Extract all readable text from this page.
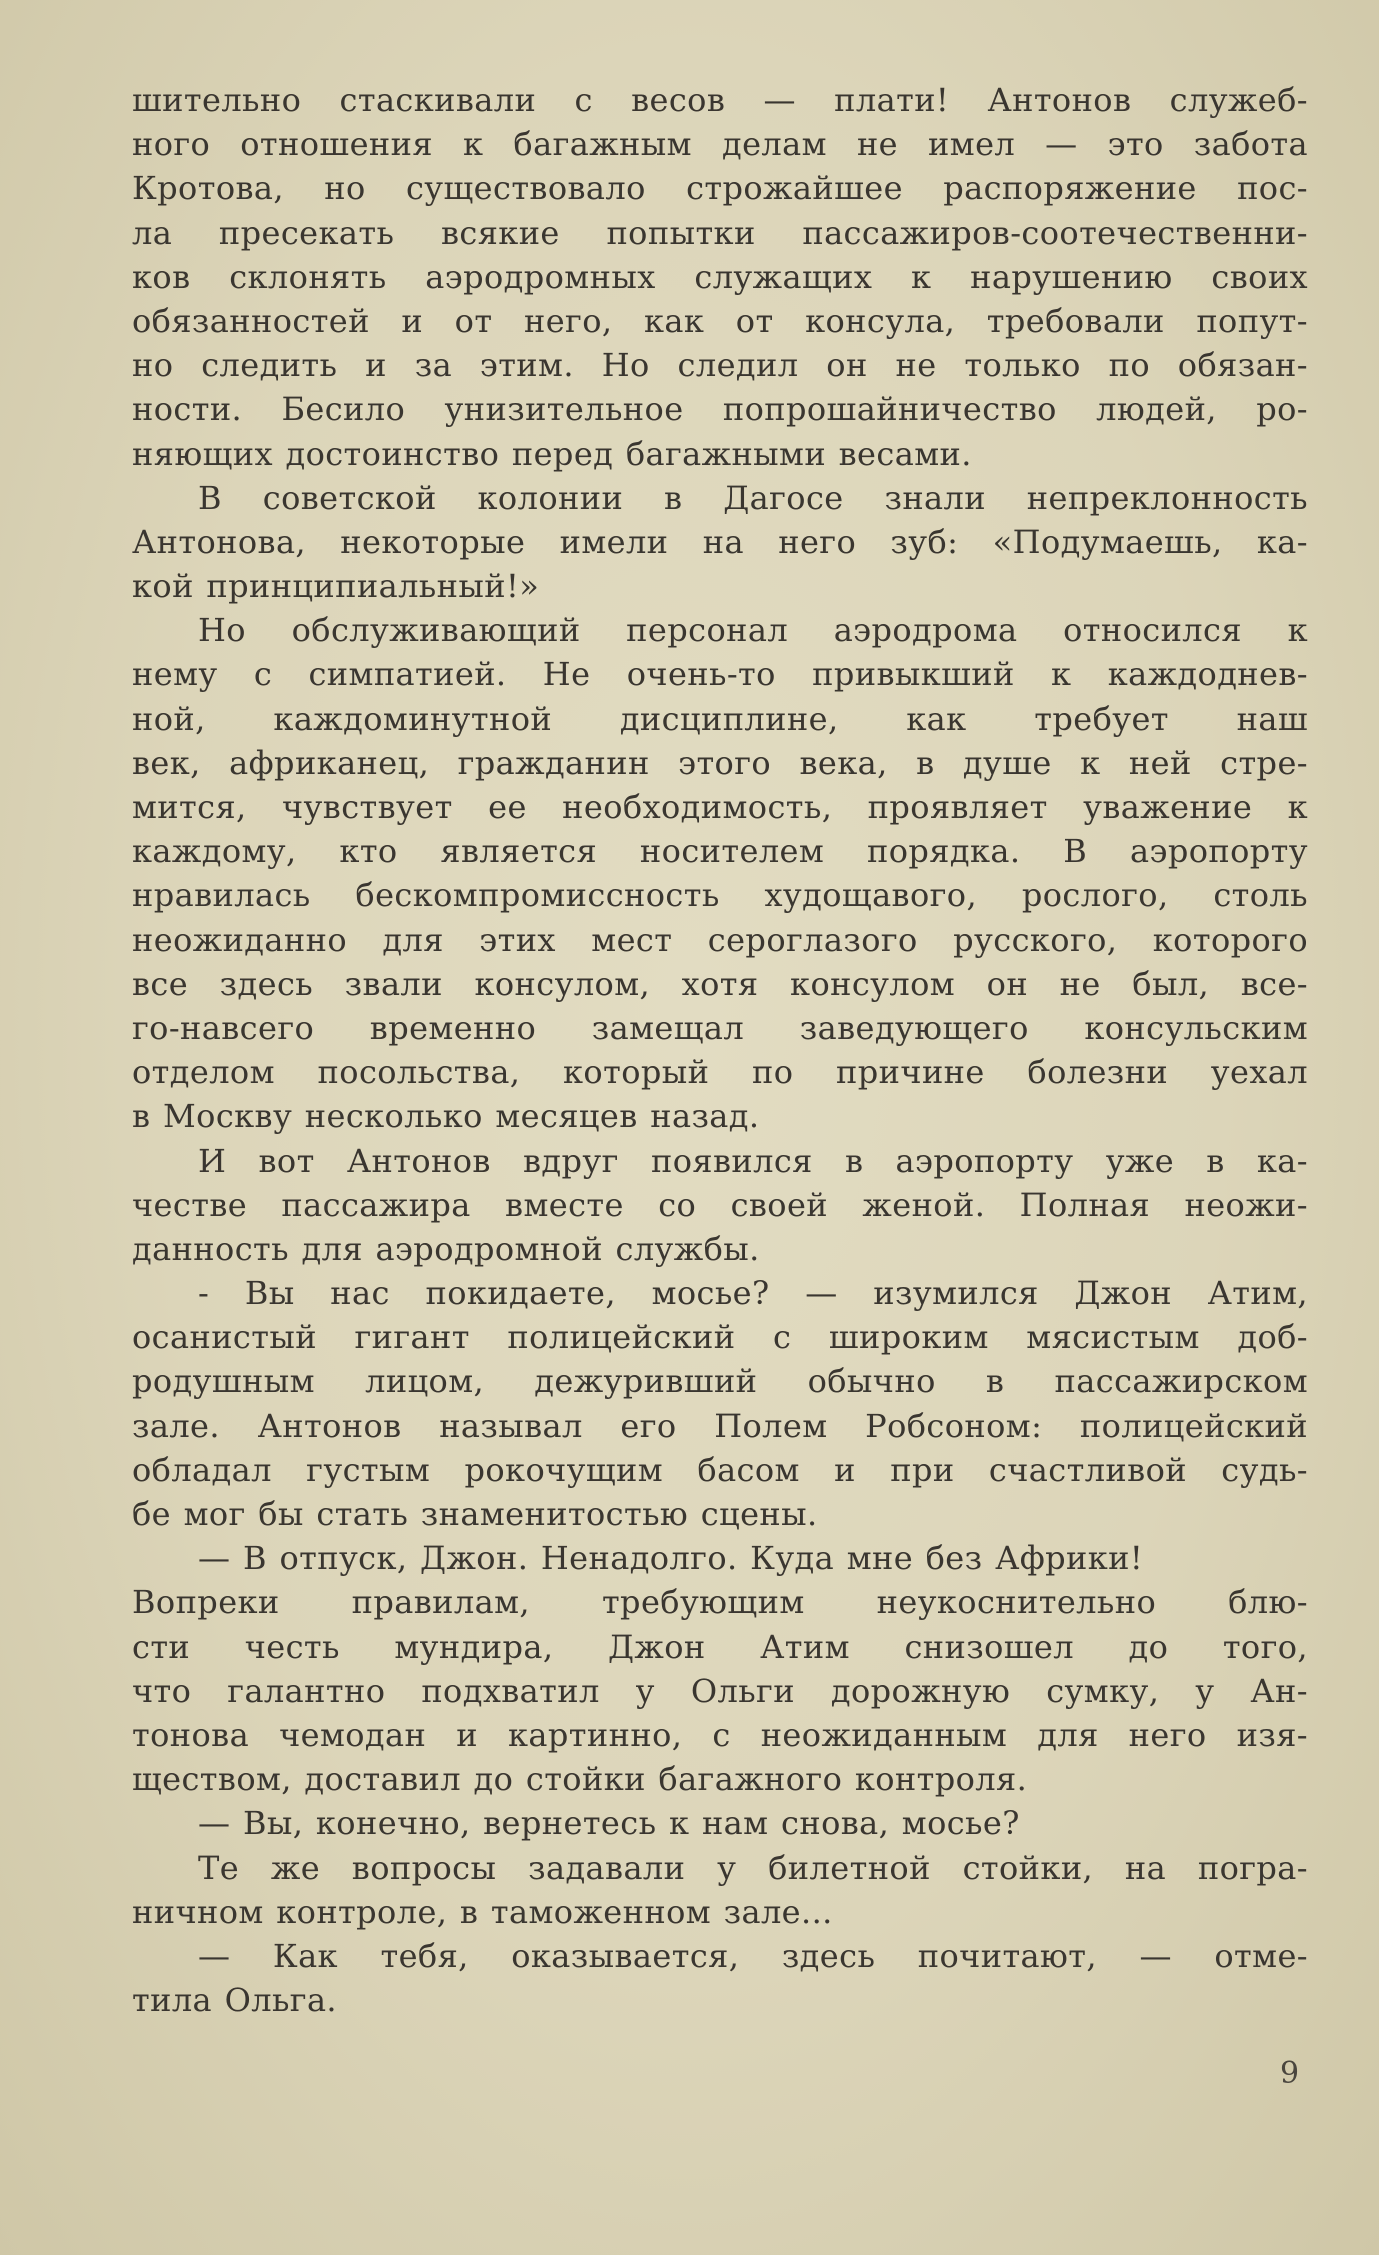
шительно стаскивали с весов — плати! Антонов служеб-
ного отношения к багажным делам не имел — это забота
Кротова, но существовало строжайшее распоряжение пос-
ла пресекать всякие попытки пассажиров-соотечественни-
ков склонять аэродромных служащих к нарушению своих
обязанностей и от него, как от консула, требовали попут-
но следить и за этим. Но следил он не только по обязан-
ности. Бесило унизительное попрошайничество людей, ро-
няющих достоинство перед багажными весами.
В советской колонии в Дагосе знали непреклонность
Антонова, некоторые имели на него зуб: «Подумаешь, ка-
кой принципиальный!»
Но обслуживающий персонал аэродрома относился к
нему с симпатией. Не очень-то привыкший к каждоднев-
ной, каждоминутной дисциплине, как требует наш
век, африканец, гражданин этого века, в душе к ней стре-
мится, чувствует ее необходимость, проявляет уважение к
каждому, кто является носителем порядка. В аэропорту
нравилась бескомпромиссность худощавого, рослого, столь
неожиданно для этих мест сероглазого русского, которого
все здесь звали консулом, хотя консулом он не был, все-
го-навсего временно замещал заведующего консульским
отделом посольства, который по причине болезни уехал
в Москву несколько месяцев назад.
И вот Антонов вдруг появился в аэропорту уже в ка-
честве пассажира вместе со своей женой. Полная неожи-
данность для аэродромной службы.
- Вы нас покидаете, мосье? — изумился Джон Атим,
осанистый гигант полицейский с широким мясистым доб-
родушным лицом, дежуривший обычно в пассажирском
зале. Антонов называл его Полем Робсоном: полицейский
обладал густым рокочущим басом и при счастливой судь-
бе мог бы стать знаменитостью сцены.
— В отпуск, Джон. Ненадолго. Куда мне без Африки!
Вопреки правилам, требующим неукоснительно блю-
сти честь мундира, Джон Атим снизошел до того,
что галантно подхватил у Ольги дорожную сумку, у Ан-
тонова чемодан и картинно, с неожиданным для него изя-
ществом, доставил до стойки багажного контроля.
— Вы, конечно, вернетесь к нам снова, мосье?
Те же вопросы задавали у билетной стойки, на погра-
ничном контроле, в таможенном зале...
— Как тебя, оказывается, здесь почитают, — отме-
тила Ольга.
9
